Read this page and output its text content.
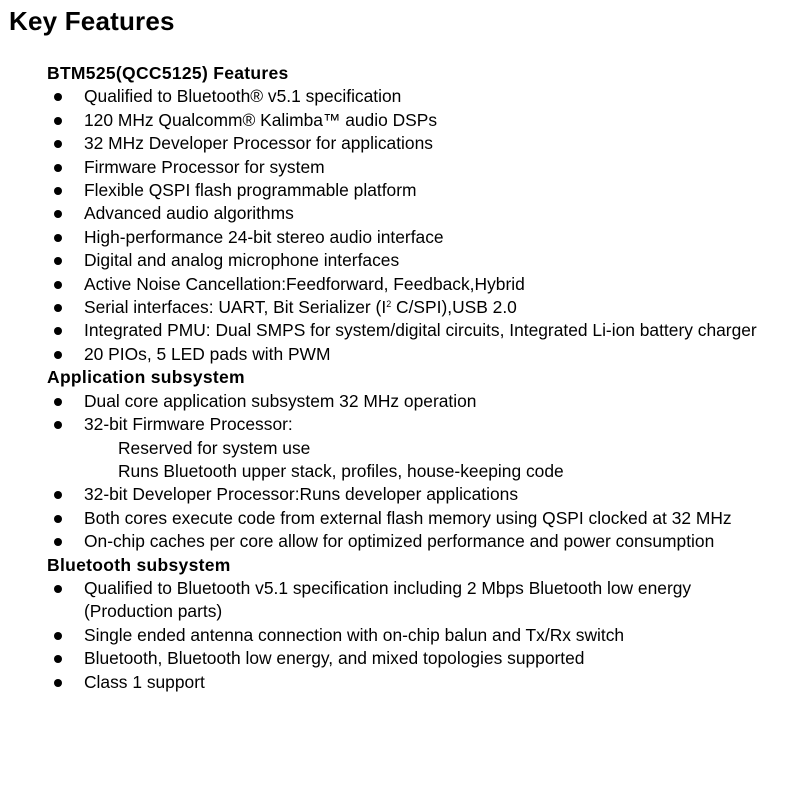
Key Features
BTM525(QCC5125) Features
Qualified to Bluetooth® v5.1 specification
120 MHz Qualcomm® Kalimba™ audio DSPs
32 MHz Developer Processor for applications
Firmware Processor for system
Flexible QSPI flash programmable platform
Advanced audio algorithms
High-performance 24-bit stereo audio interface
Digital and analog microphone interfaces
Active Noise Cancellation:Feedforward, Feedback,Hybrid
Serial interfaces: UART, Bit Serializer ($I^2$ C/SPI),USB 2.0
Integrated PMU: Dual SMPS for system/digital circuits, Integrated Li-ion battery charger
20 PIOs, 5 LED pads with PWM
Application subsystem
Dual core application subsystem 32 MHz operation
32-bit Firmware Processor:
Reserved for system use
Runs Bluetooth upper stack, profiles, house-keeping code
32-bit Developer Processor:Runs developer applications
Both cores execute code from external flash memory using QSPI clocked at 32 MHz
On-chip caches per core allow for optimized performance and power consumption
Bluetooth subsystem
Qualified to Bluetooth v5.1 specification including 2 Mbps Bluetooth low energy (Production parts)
Single ended antenna connection with on-chip balun and Tx/Rx switch
Bluetooth, Bluetooth low energy, and mixed topologies supported
Class 1 support
